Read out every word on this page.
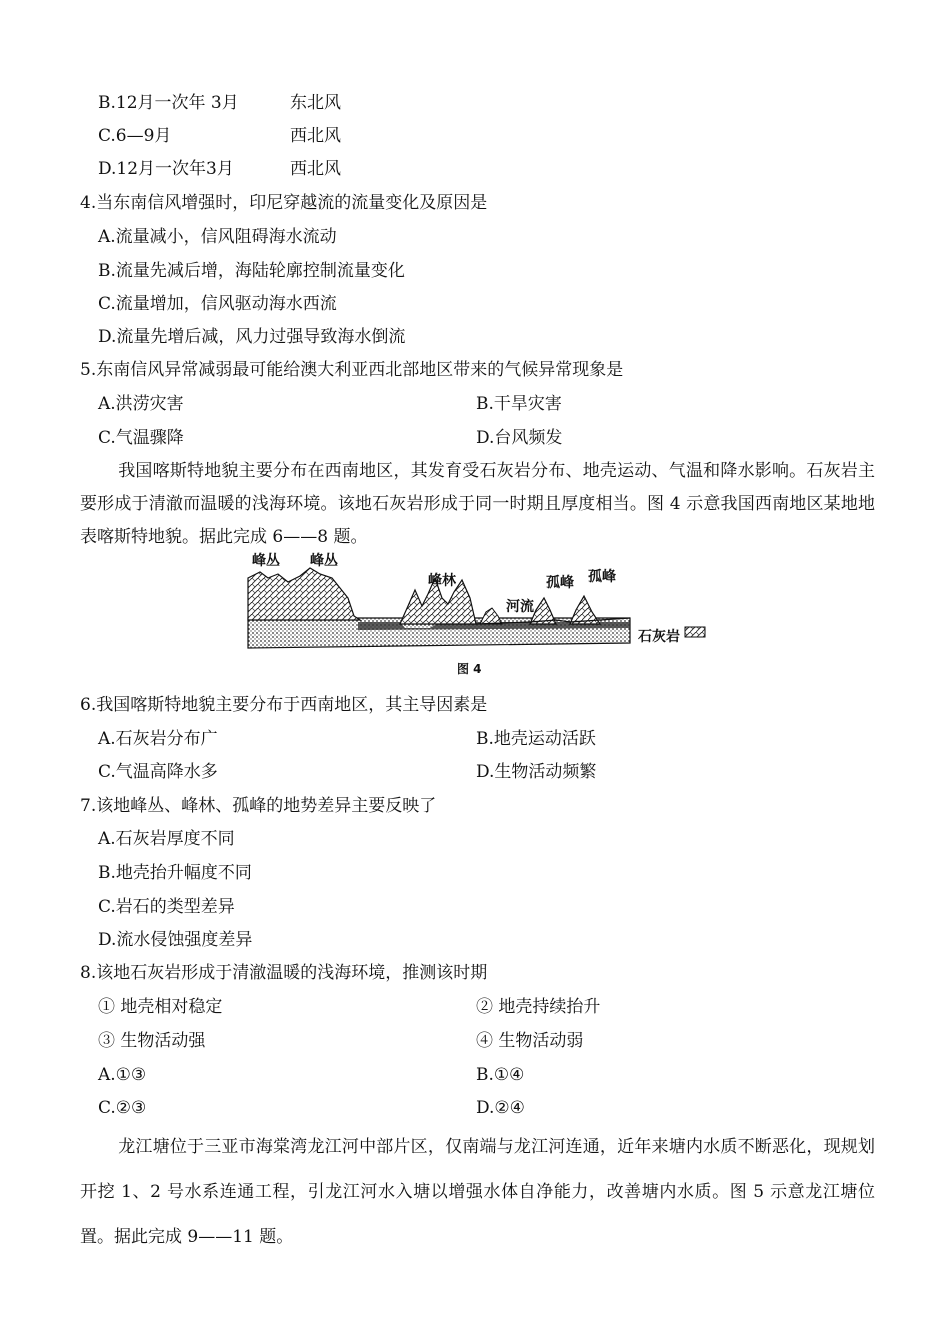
B.12月一次年 3月	东北风
C.6—9月	西北风
D.12月一次年3月	西北风
4.当东南信风增强时，印尼穿越流的流量变化及原因是
A.流量减小，信风阻碍海水流动
B.流量先减后增，海陆轮廓控制流量变化
C.流量增加，信风驱动海水西流
D.流量先增后减，风力过强导致海水倒流
5.东南信风异常减弱最可能给澳大利亚西北部地区带来的气候异常现象是
A.洪涝灾害	B.干旱灾害
C.气温骤降	D.台风频发
我国喀斯特地貌主要分布在西南地区，其发育受石灰岩分布、地壳运动、气温和降水影响。石灰岩主要形成于清澈而温暖的浅海环境。该地石灰岩形成于同一时期且厚度相当。图 4 示意我国西南地区某地地表喀斯特地貌。据此完成 6——8 题。
峰丛 峰丛
峰林
河流
孤峰 孤峰
石灰岩
图 4
6.我国喀斯特地貌主要分布于西南地区，其主导因素是
A.石灰岩分布广	B.地壳运动活跃
C.气温高降水多	D.生物活动频繁
7.该地峰丛、峰林、孤峰的地势差异主要反映了
A.石灰岩厚度不同
B.地壳抬升幅度不同
C.岩石的类型差异
D.流水侵蚀强度差异
8.该地石灰岩形成于清澈温暖的浅海环境，推测该时期
① 地壳相对稳定	② 地壳持续抬升
③ 生物活动强	④ 生物活动弱
A.①③	B.①④
C.②③	D.②④
龙江塘位于三亚市海棠湾龙江河中部片区，仅南端与龙江河连通，近年来塘内水质不断恶化，现规划开挖 1、2 号水系连通工程，引龙江河水入塘以增强水体自净能力，改善塘内水质。图 5 示意龙江塘位置。据此完成 9——11 题。
